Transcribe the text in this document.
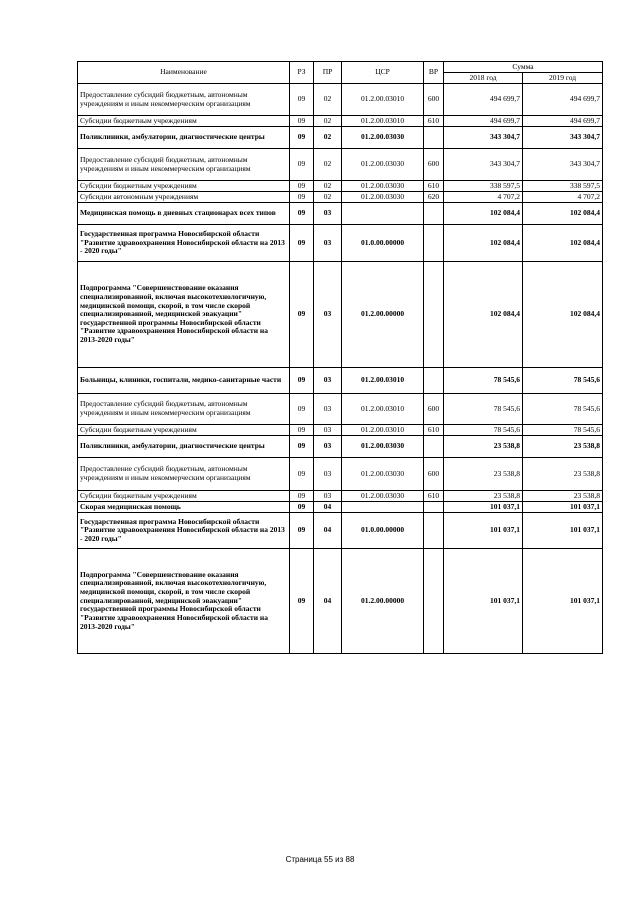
Наименование	РЗ	ПР	ЦСР	ВР	Сумма	
					2018 год	2019 год
Предоставление субсидий бюджетным, автономным учреждениям и иным некоммерческим организациям	09	02	01.2.00.03010	600	494 699,7	494 699,7
Субсидии бюджетным учреждениям	09	02	01.2.00.03010	610	494 699,7	494 699,7
Поликлиники, амбулатории, диагностические центры	09	02	01.2.00.03030		343 304,7	343 304,7
Предоставление субсидий бюджетным, автономным учреждениям и иным некоммерческим организациям	09	02	01.2.00.03030	600	343 304,7	343 304,7
Субсидии бюджетным учреждениям	09	02	01.2.00.03030	610	338 597,5	338 597,5
Субсидии автономным учреждениям	09	02	01.2.00.03030	620	4 707,2	4 707,2
Медицинская помощь в дневных стационарах всех типов	09	03			102 084,4	102 084,4
Государственная программа Новосибирской области "Развитие здравоохранения Новосибирской области на 2013 - 2020 годы"	09	03	01.0.00.00000		102 084,4	102 084,4
Подпрограмма "Совершенствование оказания специализированной, включая высокотехнологичную, медицинской помощи, скорой, в том числе скорой специализированной, медицинской эвакуации" государственной программы Новосибирской области "Развитие здравоохранения Новосибирской области на 2013-2020 годы"	09	03	01.2.00.00000		102 084,4	102 084,4
Больницы, клиники, госпитали, медико-санитарные части	09	03	01.2.00.03010		78 545,6	78 545,6
Предоставление субсидий бюджетным, автономным учреждениям и иным некоммерческим организациям	09	03	01.2.00.03010	600	78 545,6	78 545,6
Субсидии бюджетным учреждениям	09	03	01.2.00.03010	610	78 545,6	78 545,6
Поликлиники, амбулатории, диагностические центры	09	03	01.2.00.03030		23 538,8	23 538,8
Предоставление субсидий бюджетным, автономным учреждениям и иным некоммерческим организациям	09	03	01.2.00.03030	600	23 538,8	23 538,8
Субсидии бюджетным учреждениям	09	03	01.2.00.03030	610	23 538,8	23 538,8
Скорая медицинская помощь	09	04			101 037,1	101 037,1
Государственная программа Новосибирской области "Развитие здравоохранения Новосибирской области на 2013 - 2020 годы"	09	04	01.0.00.00000		101 037,1	101 037,1
Подпрограмма "Совершенствование оказания специализированной, включая высокотехнологичную, медицинской помощи, скорой, в том числе скорой специализированной, медицинской эвакуации" государственной программы Новосибирской области "Развитие здравоохранения Новосибирской области на 2013-2020 годы"	09	04	01.2.00.00000		101 037,1	101 037,1
Страница 55 из 88
